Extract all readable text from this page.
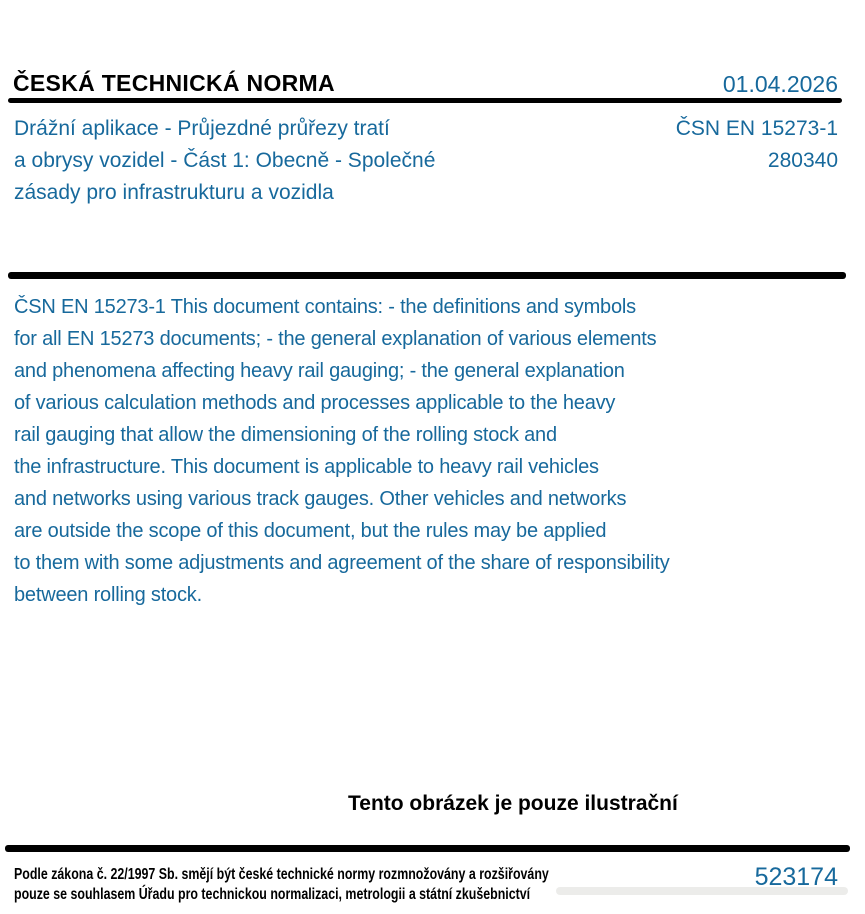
ČESKÁ TECHNICKÁ NORMA	01.04.2026
Drážní aplikace - Průjezdné průřezy tratí
a obrysy vozidel - Část 1: Obecně - Společné
zásady pro infrastrukturu a vozidla
ČSN EN 15273-1
280340
ČSN EN 15273-1 This document contains: - the definitions and symbols
for all EN 15273 documents; - the general explanation of various elements
and phenomena affecting heavy rail gauging; - the general explanation
of various calculation methods and processes applicable to the heavy
rail gauging that allow the dimensioning of the rolling stock and
the infrastructure. This document is applicable to heavy rail vehicles
and networks using various track gauges. Other vehicles and networks
are outside the scope of this document, but the rules may be applied
to them with some adjustments and agreement of the share of responsibility
between rolling stock.
Tento obrázek je pouze ilustrační
Podle zákona č. 22/1997 Sb. smějí být české technické normy rozmnožovány a rozšiřovány
pouze se souhlasem Úřadu pro technickou normalizaci, metrologii a státní zkušebnictví
523174
